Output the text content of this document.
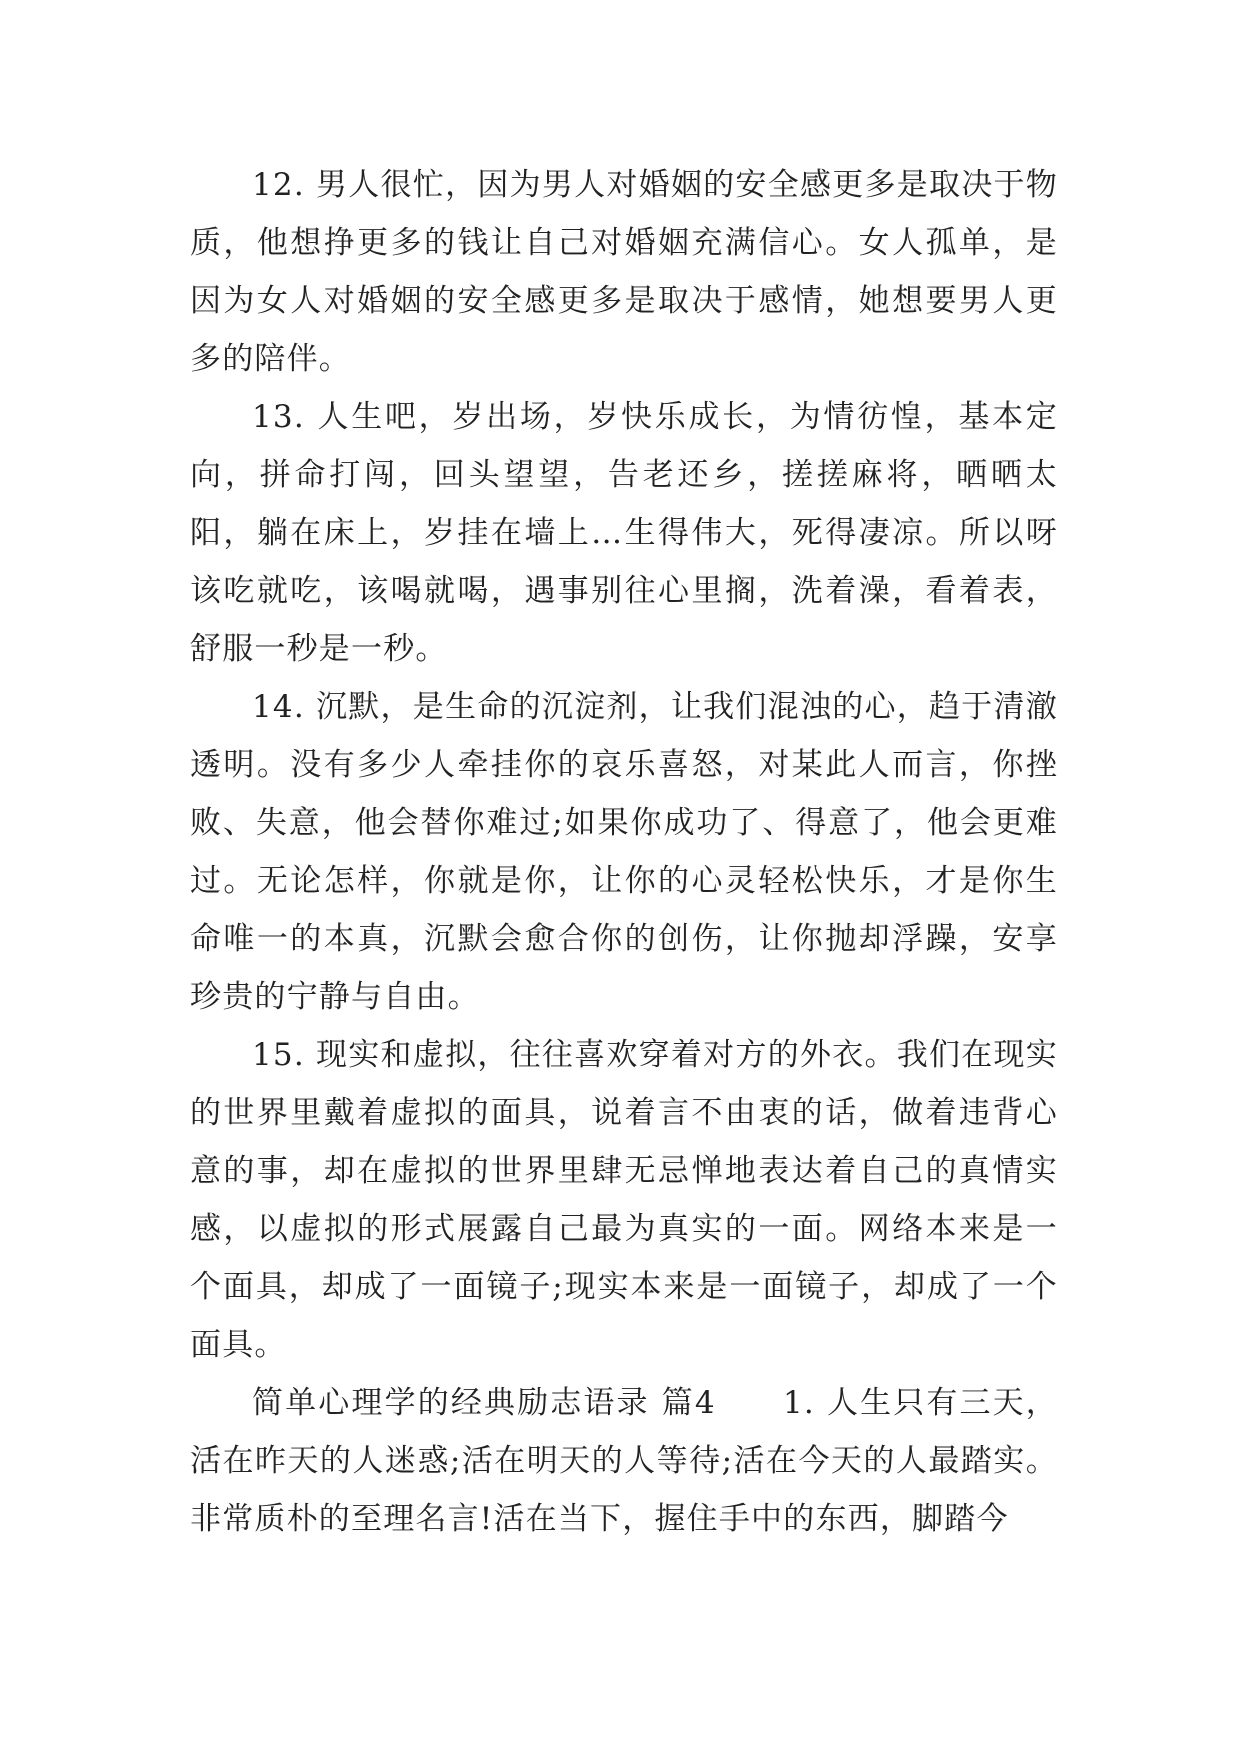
12. 男人很忙，因为男人对婚姻的安全感更多是取决于物质，他想挣更多的钱让自己对婚姻充满信心。女人孤单，是因为女人对婚姻的安全感更多是取决于感情，她想要男人更多的陪伴。

13. 人生吧，岁出场，岁快乐成长，为情彷惶，基本定向，拼命打闯，回头望望，告老还乡，搓搓麻将，晒晒太阳，躺在床上，岁挂在墙上…生得伟大，死得凄凉。所以呀该吃就吃，该喝就喝，遇事别往心里搁，洗着澡，看着表，舒服一秒是一秒。

14. 沉默，是生命的沉淀剂，让我们混浊的心，趋于清澈透明。没有多少人牵挂你的哀乐喜怒，对某此人而言，你挫败、失意，他会替你难过;如果你成功了、得意了，他会更难过。无论怎样，你就是你，让你的心灵轻松快乐，才是你生命唯一的本真，沉默会愈合你的创伤，让你抛却浮躁，安享珍贵的宁静与自由。

15. 现实和虚拟，往往喜欢穿着对方的外衣。我们在现实的世界里戴着虚拟的面具，说着言不由衷的话，做着违背心意的事，却在虚拟的世界里肆无忌惮地表达着自己的真情实感，以虚拟的形式展露自己最为真实的一面。网络本来是一个面具，却成了一面镜子;现实本来是一面镜子，却成了一个面具。

简单心理学的经典励志语录 篇4　　1. 人生只有三天，活在昨天的人迷惑;活在明天的人等待;活在今天的人最踏实。非常质朴的至理名言!活在当下，握住手中的东西，脚踏今
